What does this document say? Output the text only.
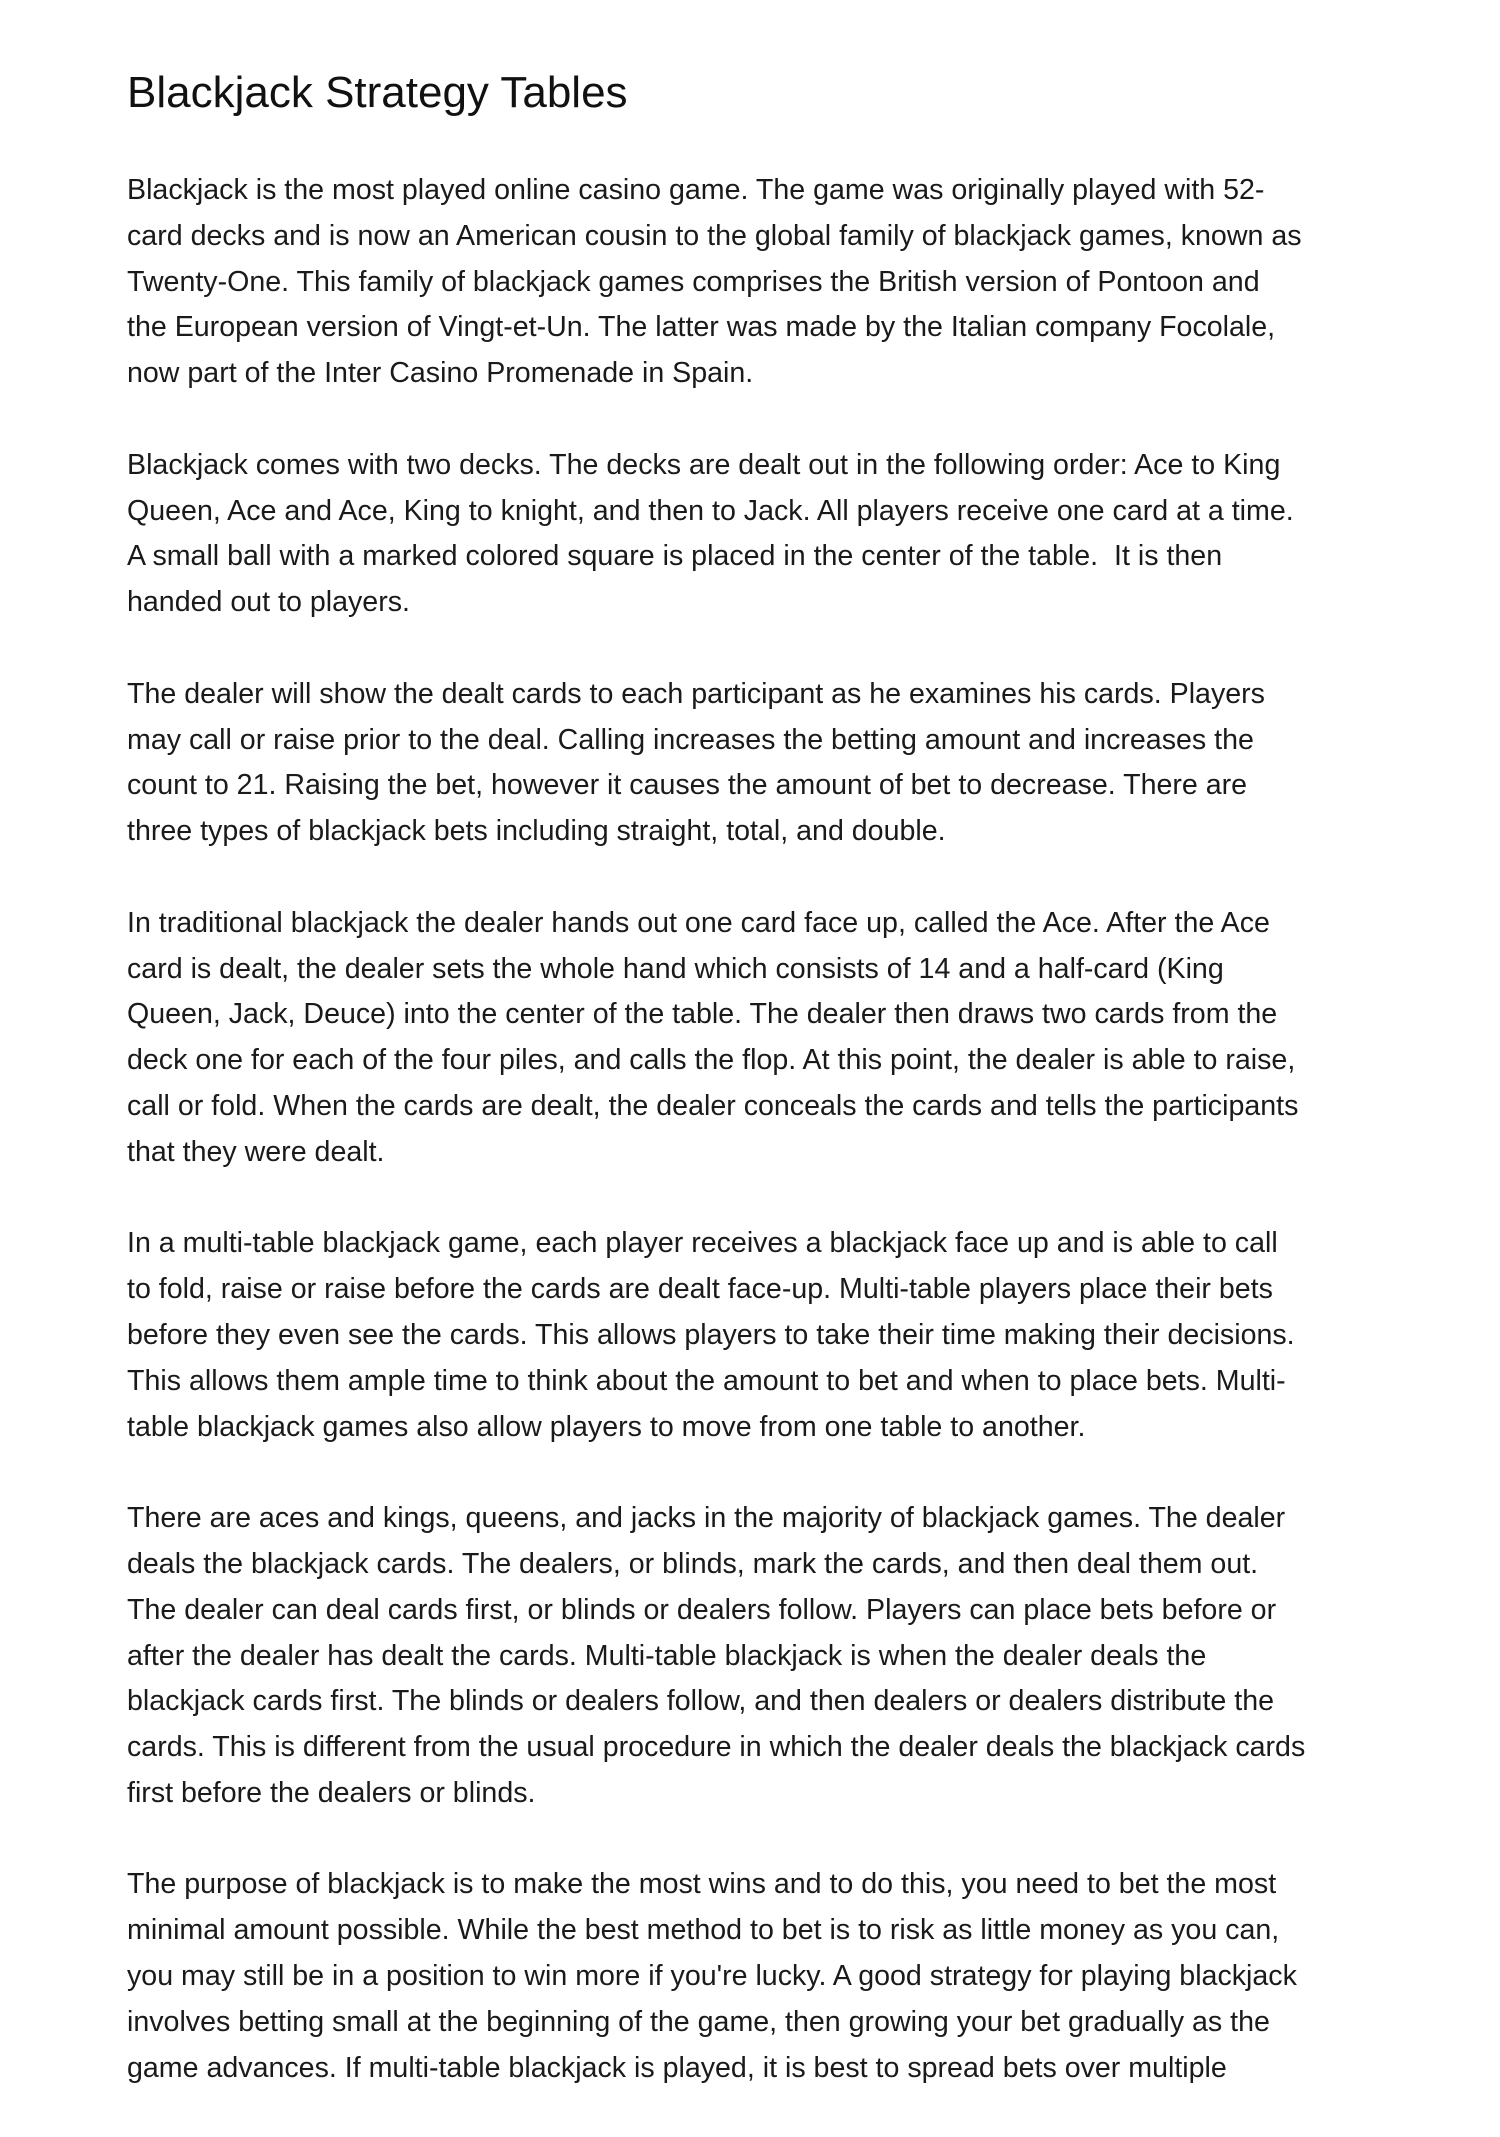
Blackjack Strategy Tables

Blackjack is the most played online casino game. The game was originally played with 52-
card decks and is now an American cousin to the global family of blackjack games, known as
Twenty-One. This family of blackjack games comprises the British version of Pontoon and
the European version of Vingt-et-Un. The latter was made by the Italian company Focolale,
now part of the Inter Casino Promenade in Spain.

Blackjack comes with two decks. The decks are dealt out in the following order: Ace to King
Queen, Ace and Ace, King to knight, and then to Jack. All players receive one card at a time.
A small ball with a marked colored square is placed in the center of the table.  It is then
handed out to players.

The dealer will show the dealt cards to each participant as he examines his cards. Players
may call or raise prior to the deal. Calling increases the betting amount and increases the
count to 21. Raising the bet, however it causes the amount of bet to decrease. There are
three types of blackjack bets including straight, total, and double.

In traditional blackjack the dealer hands out one card face up, called the Ace. After the Ace
card is dealt, the dealer sets the whole hand which consists of 14 and a half-card (King
Queen, Jack, Deuce) into the center of the table. The dealer then draws two cards from the
deck one for each of the four piles, and calls the flop. At this point, the dealer is able to raise,
call or fold. When the cards are dealt, the dealer conceals the cards and tells the participants
that they were dealt.

In a multi-table blackjack game, each player receives a blackjack face up and is able to call
to fold, raise or raise before the cards are dealt face-up. Multi-table players place their bets
before they even see the cards. This allows players to take their time making their decisions.
This allows them ample time to think about the amount to bet and when to place bets. Multi-
table blackjack games also allow players to move from one table to another.

There are aces and kings, queens, and jacks in the majority of blackjack games. The dealer
deals the blackjack cards. The dealers, or blinds, mark the cards, and then deal them out.
The dealer can deal cards first, or blinds or dealers follow. Players can place bets before or
after the dealer has dealt the cards. Multi-table blackjack is when the dealer deals the
blackjack cards first. The blinds or dealers follow, and then dealers or dealers distribute the
cards. This is different from the usual procedure in which the dealer deals the blackjack cards
first before the dealers or blinds.

The purpose of blackjack is to make the most wins and to do this, you need to bet the most
minimal amount possible. While the best method to bet is to risk as little money as you can,
you may still be in a position to win more if you're lucky. A good strategy for playing blackjack
involves betting small at the beginning of the game, then growing your bet gradually as the
game advances. If multi-table blackjack is played, it is best to spread bets over multiple
